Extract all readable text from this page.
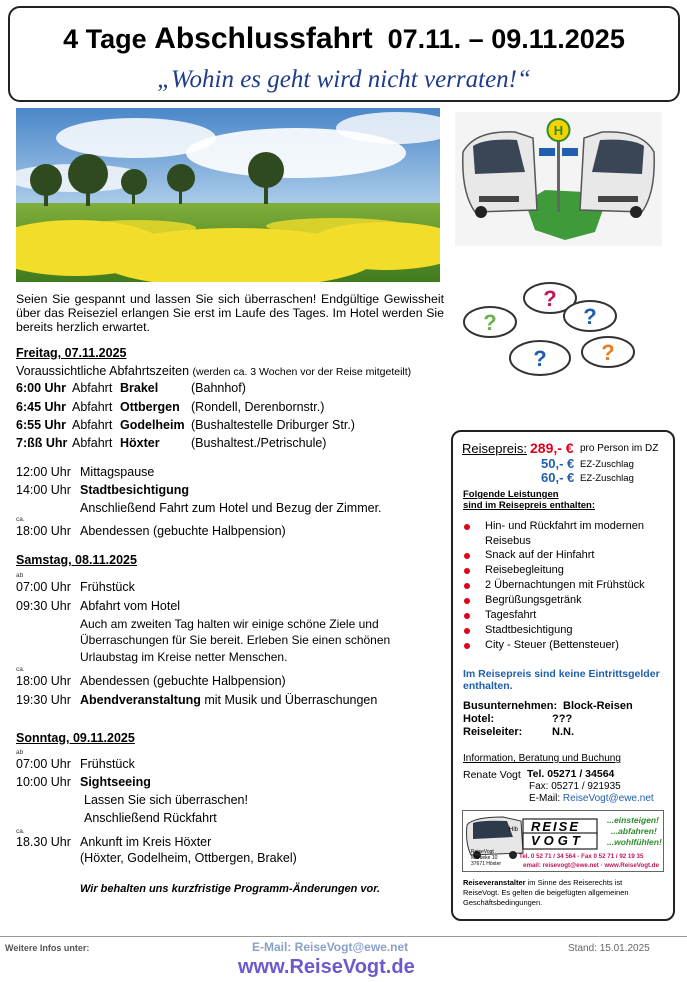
4 Tage Abschlussfahrt 07.11. – 09.11.2025
„Wohin es geht wird nicht verraten!“
H
?
?	?
? ?
Seien Sie gespannt und lassen Sie sich überraschen! Endgültige Gewissheit über das Reiseziel erlangen Sie erst im Laufe des Tages. Im Hotel werden Sie bereits herzlich erwartet.
Freitag, 07.11.2025
Voraussichtliche Abfahrtszeiten (werden ca. 3 Wochen vor der Reise mitgeteilt)
6:00 Uhr Abfahrt Brakel	(Bahnhof)
6:45 Uhr Abfahrt Ottbergen (Rondell, Derenbornstr.)
6:55 Uhr Abfahrt Godelheim (Bushaltestelle Driburger Str.)
7:ßß Uhr Abfahrt Höxter	(Bushaltest./Petrischule)
12:00 Uhr Mittagspause
14:00 Uhr Stadtbesichtigung
Anschließend Fahrt zum Hotel und Bezug der Zimmer.
ca.
18:00 Uhr Abendessen (gebuchte Halbpension)
Samstag, 08.11.2025
ab
07:00 Uhr Frühstück
09:30 Uhr Abfahrt vom Hotel
Auch am zweiten Tag halten wir einige schöne Ziele und
Überraschungen für Sie bereit. Erleben Sie einen schönen
Urlaubstag im Kreise netter Menschen.
ca.
18:00 Uhr Abendessen (gebuchte Halbpension)
19:30 Uhr Abendveranstaltung mit Musik und Überraschungen
Sonntag, 09.11.2025
ab
07:00 Uhr Frühstück
10:00 Uhr Sightseeing
Lassen Sie sich überraschen!
Anschließend Rückfahrt
ca.
18.30 Uhr Ankunft im Kreis Höxter
(Höxter, Godelheim, Ottbergen, Brakel)
Wir behalten uns kurzfristige Programm-Änderungen vor.
Reisepreis: 289,- € pro Person im DZ
50,- € EZ-Zuschlag
60,- € EZ-Zuschlag
Folgende Leistungen
sind im Reisepreis enthalten:
Hin- und Rückfahrt im modernen
Reisebus
Snack auf der Hinfahrt
Reisebegleitung
2 Übernachtungen mit Frühstück
Begrüßungsgetränk
Tagesfahrt
Stadtbesichtigung
City - Steuer (Bettensteuer)
Im Reisepreis sind keine Eintrittsgelder
enthalten.
Busunternehmen: Block-Reisen
Hotel:	???
Reiseleiter:	N.N.
Information, Beratung und Buchung
Renate Vogt Tel. 05271 / 34564
Fax: 05271 / 921935
E-Mail: ReiseVogt@ewe.net
Hlb REISE
VOGT
...einsteigen!
...abfahren!
...wohlfühlen!
ReiseVogt
Marbeke 10
37671 Höxter
Tel. 0 52 71 / 34 564 - Fax 0 52 71 / 92 19 35
email: reisevogt@ewe.net · www.ReiseVogt.de
Reiseveranstalter im Sinne des Reiserechts ist
ReiseVogt. Es gelten die beigefügten allgemeinen
Geschäftsbedingungen.
Weitere Infos unter:	E-Mail: ReiseVogt@ewe.net
www.ReiseVogt.de
Stand: 15.01.2025
